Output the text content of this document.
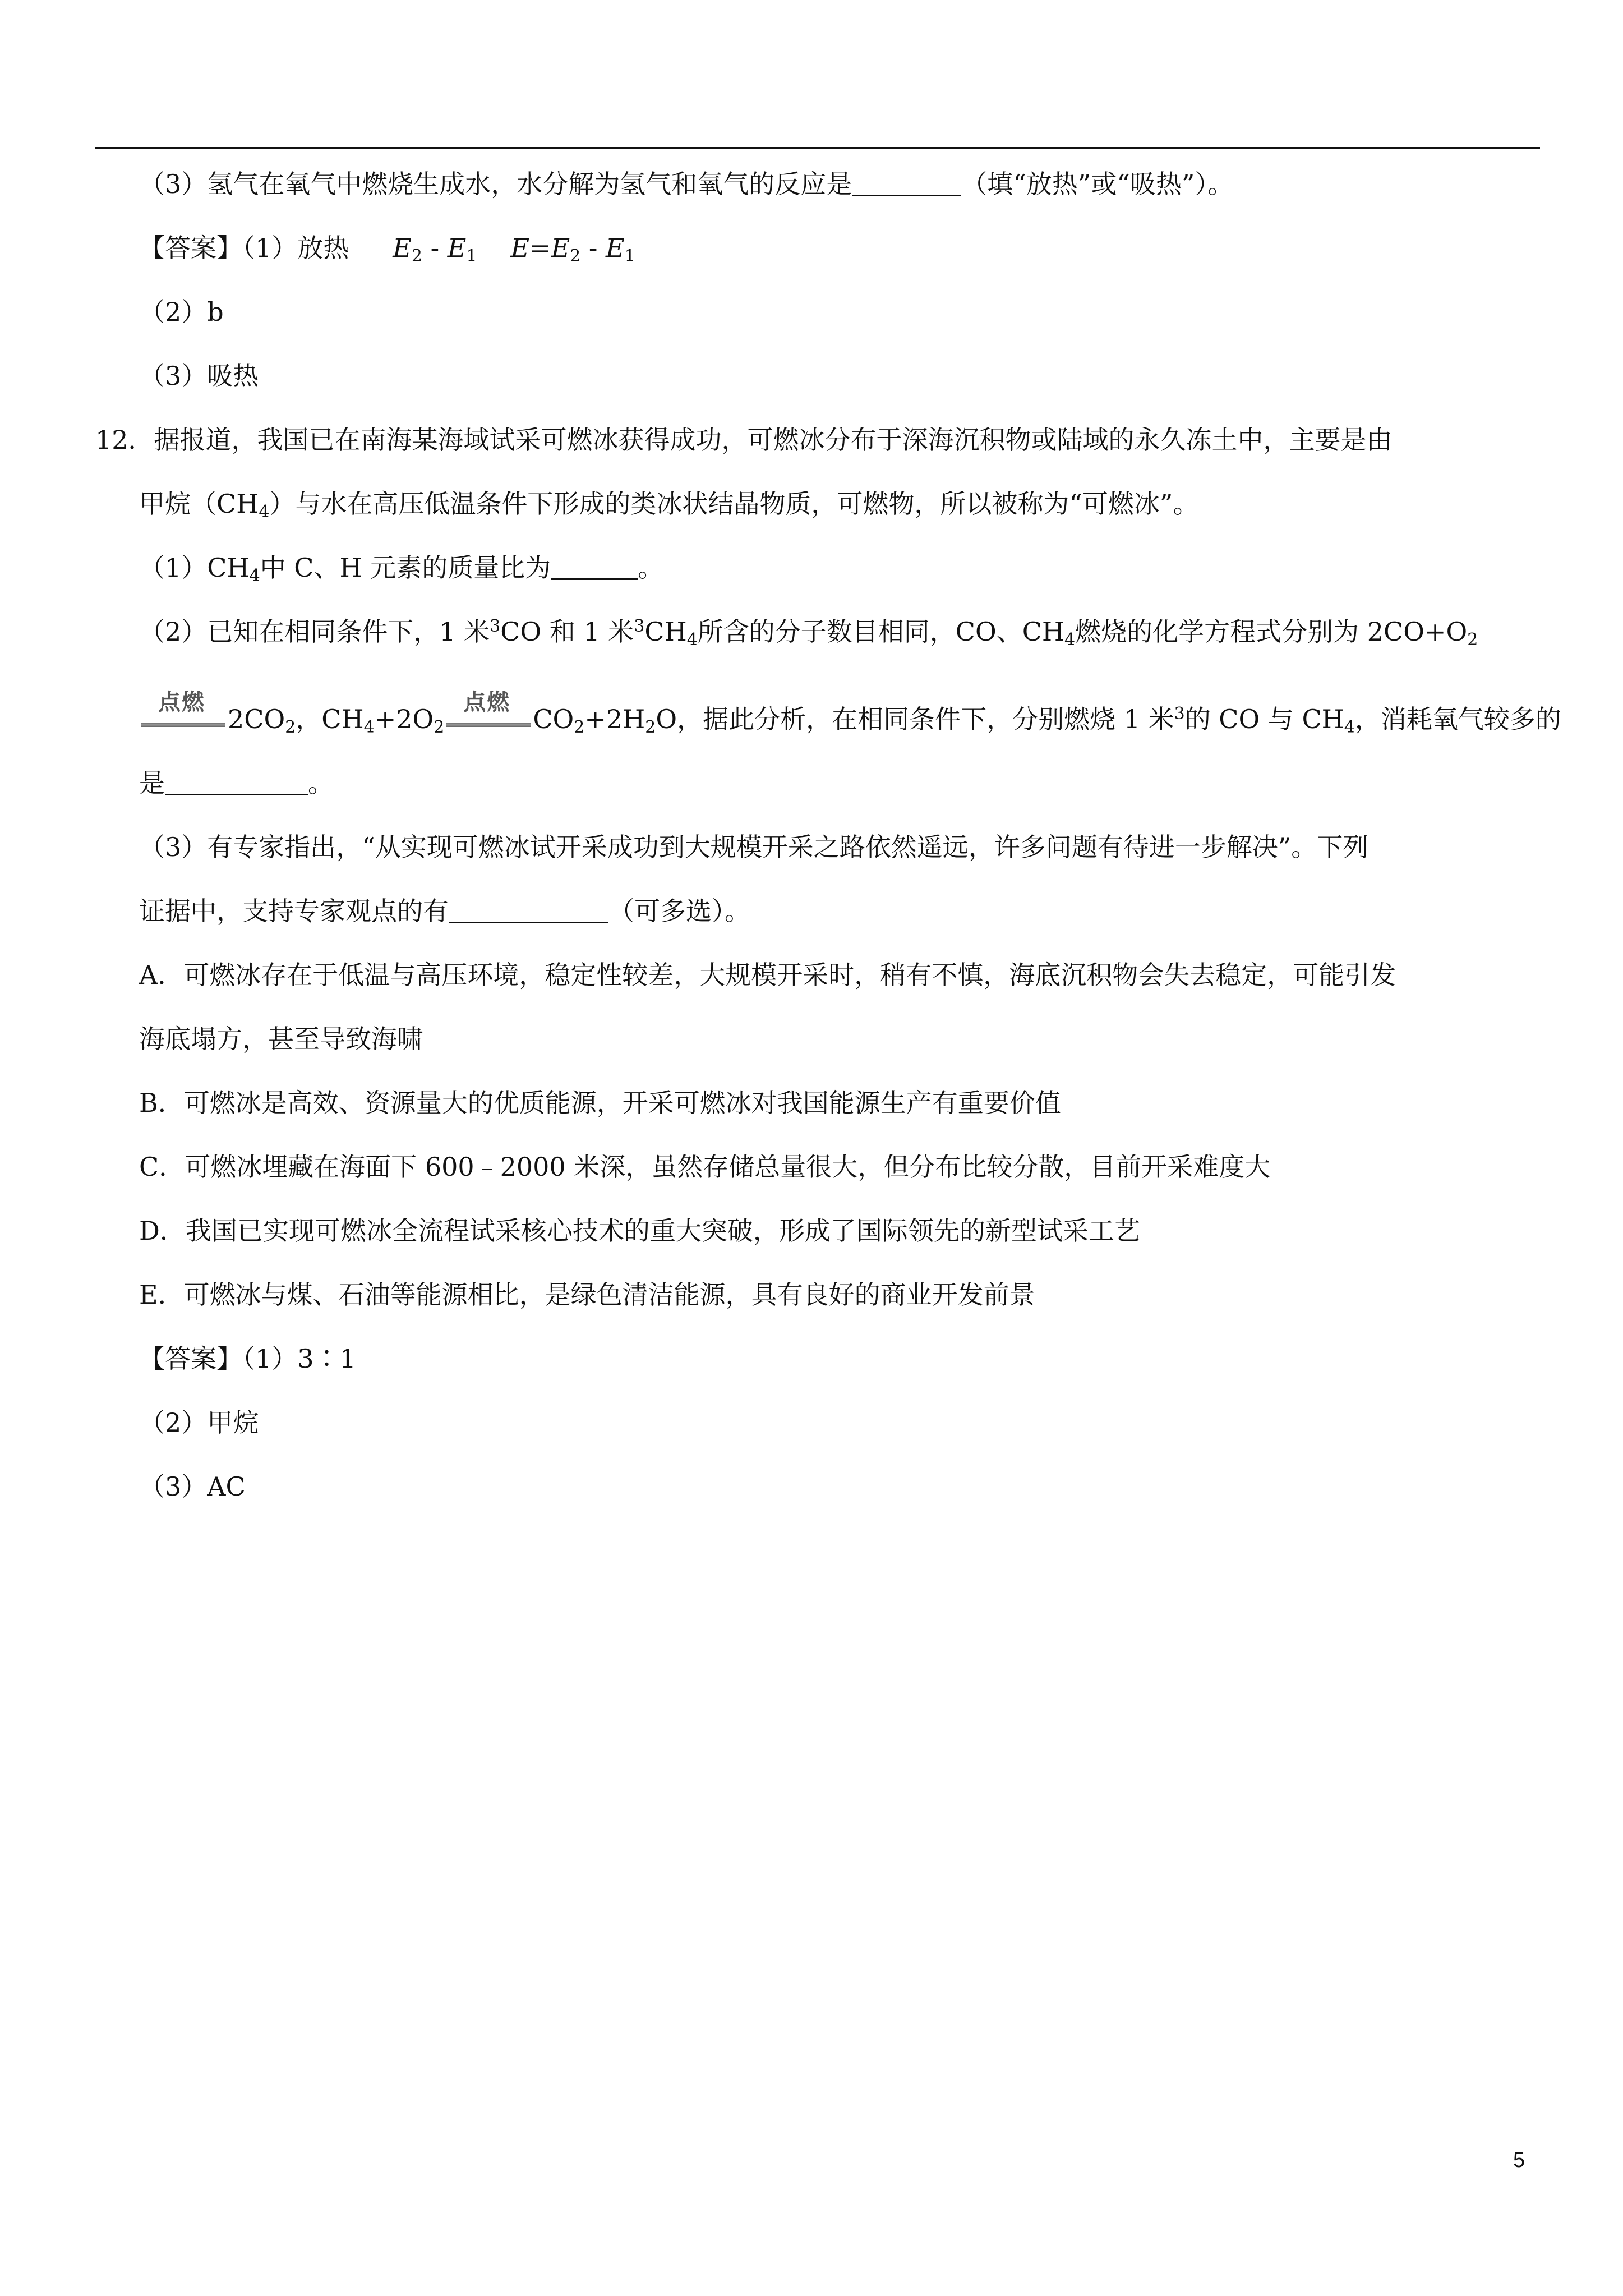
（3）氢气在氧气中燃烧生成水，水分解为氢气和氧气的反应是	（填“放热”或“吸热”）。
【答案】（1）放热 $E_2 - E_1$ $E=E_2 - E_1$
（2）b
（3）吸热
12．据报道，我国已在南海某海域试采可燃冰获得成功，可燃冰分布于深海沉积物或陆域的永久冻土中，主要是由
甲烷$(CH_4)$与水在高压低温条件下形成的类冰状结晶物质，可燃物，所以被称为“可燃冰”。
$(1)CH_4$中 C、H 元素的质量比为	。
（2）已知在相同条件下，1 米$^3$CO 和 1 米$^3CH_4$所含的分子数目相同，CO、$CH_4$燃烧的化学方程式分别为 $2CO+O_2$
点燃
$2CO_2$，$CH_4+2O_2$
点燃
$CO_2+2H_2O$，据此分析，在相同条件下，分别燃烧 1 米$^3$的 CO 与 $CH_4$，消耗氧气较多的
是	。
（3）有专家指出，“从实现可燃冰试开采成功到大规模开采之路依然遥远，许多问题有待进一步解决”。下列
证据中，支持专家观点的有	（可多选）。
A．可燃冰存在于低温与高压环境，稳定性较差，大规模开采时，稍有不慎，海底沉积物会失去稳定，可能引发
海底塌方，甚至导致海啸
B．可燃冰是高效、资源量大的优质能源，开采可燃冰对我国能源生产有重要价值
C．可燃冰埋藏在海面下 600﹣2000 米深，虽然存储总量很大，但分布比较分散，目前开采难度大
D．我国已实现可燃冰全流程试采核心技术的重大突破，形成了国际领先的新型试采工艺
E．可燃冰与煤、石油等能源相比，是绿色清洁能源，具有良好的商业开发前景
【答案】（1）3∶1
（2）甲烷
（3）AC
5
